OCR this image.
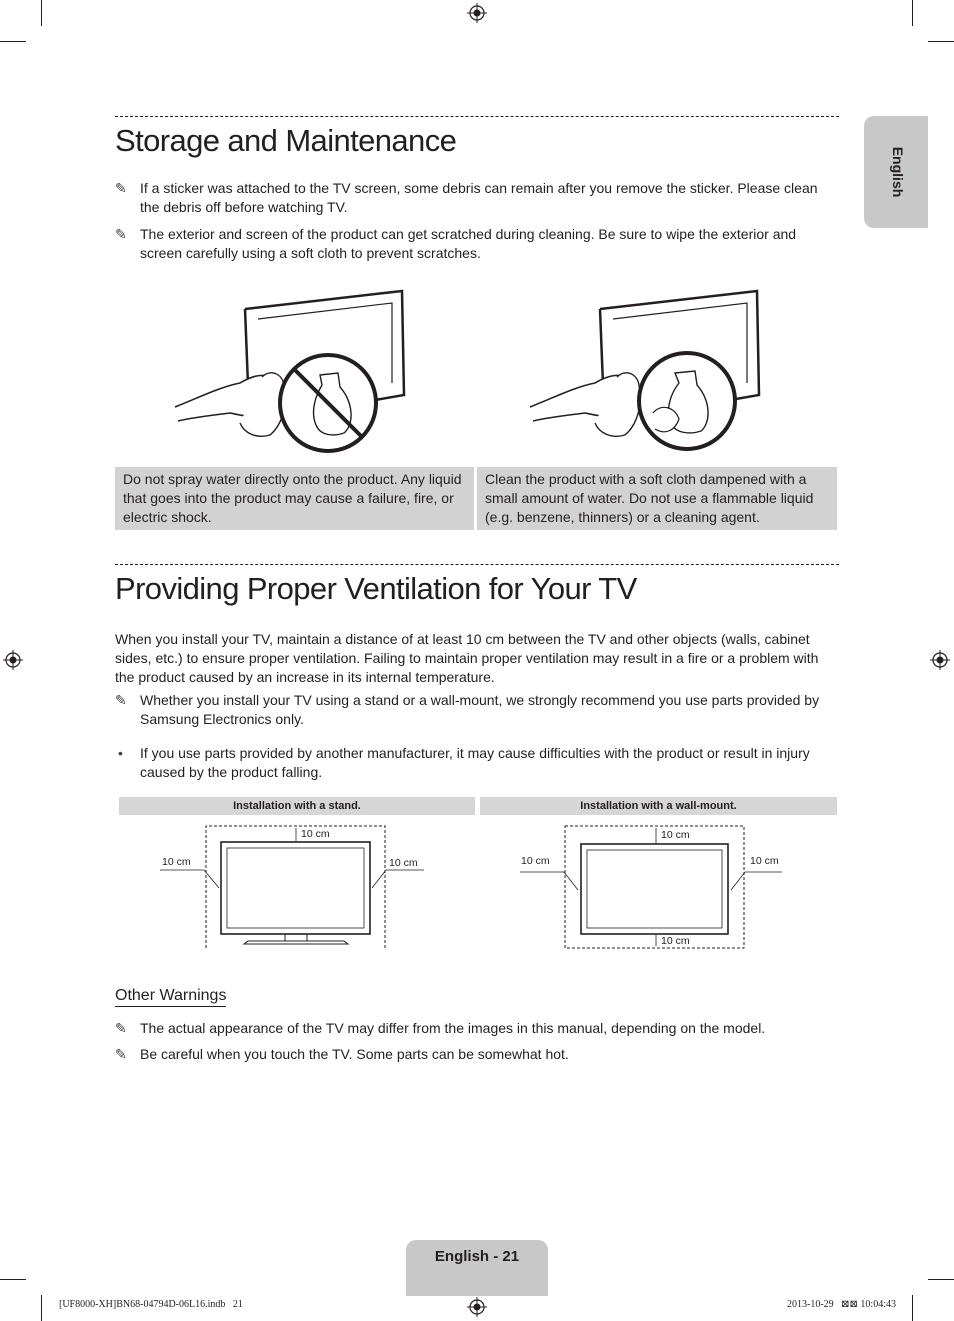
English
Storage and Maintenance
✎ If a sticker was attached to the TV screen, some debris can remain after you remove the sticker. Please clean the debris off before watching TV.
✎ The exterior and screen of the product can get scratched during cleaning. Be sure to wipe the exterior and screen carefully using a soft cloth to prevent scratches.
Do not spray water directly onto the product. Any liquid that goes into the product may cause a failure, fire, or electric shock.
Clean the product with a soft cloth dampened with a small amount of water. Do not use a flammable liquid (e.g. benzene, thinners) or a cleaning agent.
Providing Proper Ventilation for Your TV
When you install your TV, maintain a distance of at least 10 cm between the TV and other objects (walls, cabinet sides, etc.) to ensure proper ventilation. Failing to maintain proper ventilation may result in a fire or a problem with the product caused by an increase in its internal temperature.
✎ Whether you install your TV using a stand or a wall-mount, we strongly recommend you use parts provided by Samsung Electronics only.
•	If you use parts provided by another manufacturer, it may cause difficulties with the product or result in injury caused by the product falling.
Installation with a stand.	Installation with a wall-mount.
10 cm
10 cm	10 cm
10 cm
10 cm	10 cm
10 cm
Other Warnings
✎ The actual appearance of the TV may differ from the images in this manual, depending on the model.
✎ Be careful when you touch the TV. Some parts can be somewhat hot.
English - 21
[UF8000-XH]BN68-04794D-06L16.indb   21	2013-10-29   ⊠⊠ 10:04:43
